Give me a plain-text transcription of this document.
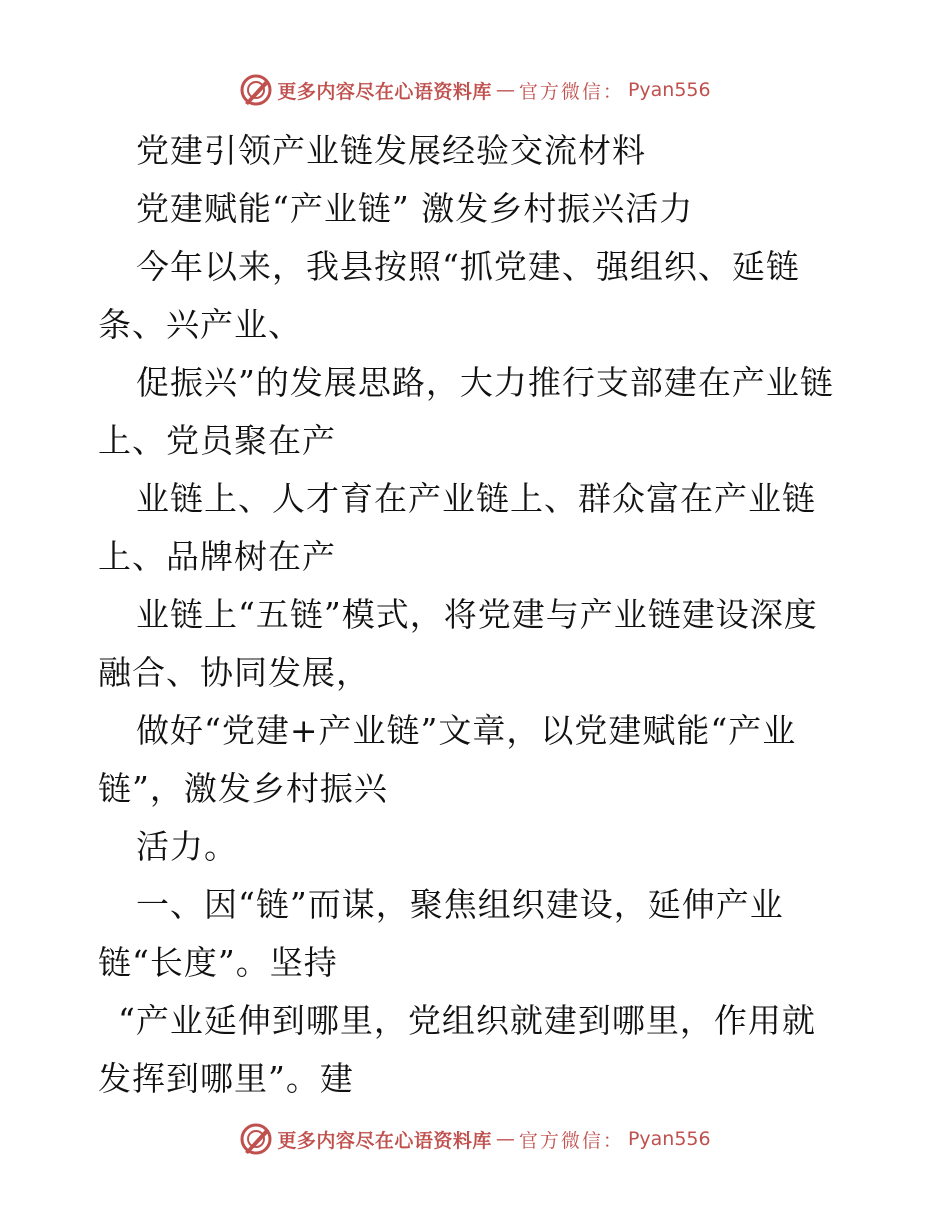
更多内容尽在心语资料库 — 官方微信： Pyan556
党建引领产业链发展经验交流材料
党建赋能“产业链” 激发乡村振兴活力
今年以来，我县按照“抓党建、强组织、延链
条、兴产业、
促振兴”的发展思路，大力推行支部建在产业链
上、党员聚在产
业链上、人才育在产业链上、群众富在产业链
上、品牌树在产
业链上“五链”模式，将党建与产业链建设深度
融合、协同发展，
做好“党建+产业链”文章，以党建赋能“产业
链”，激发乡村振兴
活力。
一、因“链”而谋，聚焦组织建设，延伸产业
链“长度”。坚持
“产业延伸到哪里，党组织就建到哪里，作用就
发挥到哪里”。建
更多内容尽在心语资料库 — 官方微信： Pyan556
